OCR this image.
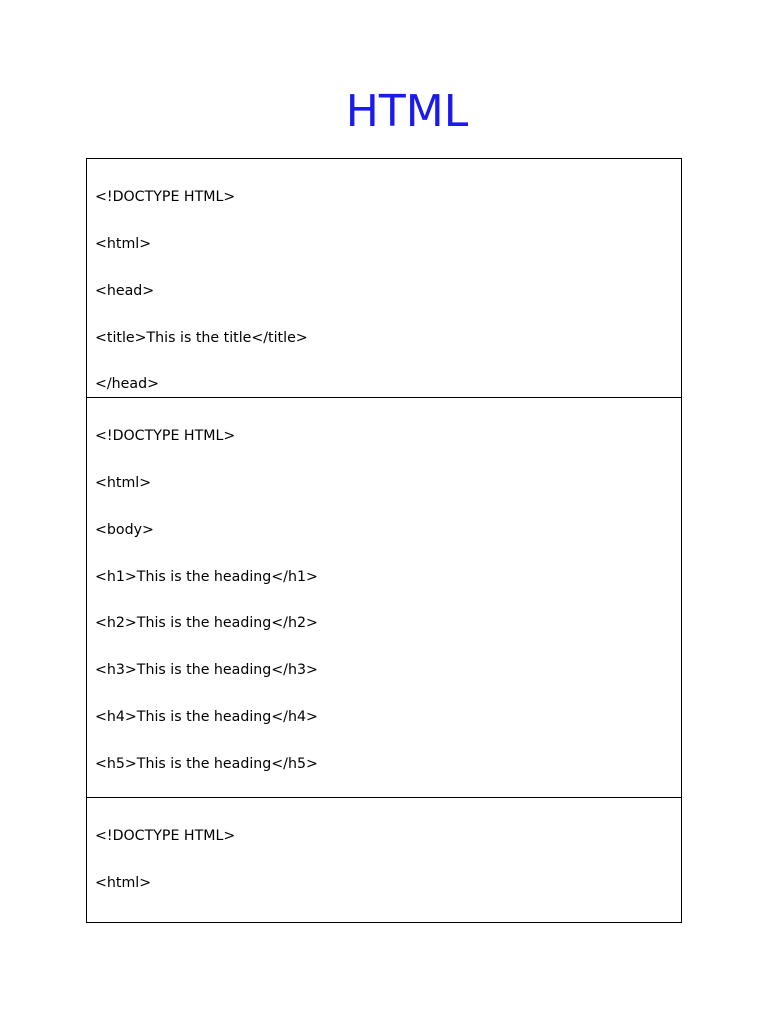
HTML

<!DOCTYPE HTML>

<html>

<head>

<title>This is the title</title>

</head>

<!DOCTYPE HTML>

<html>

<body>

<h1>This is the heading</h1>

<h2>This is the heading</h2>

<h3>This is the heading</h3>

<h4>This is the heading</h4>

<h5>This is the heading</h5>

<!DOCTYPE HTML>

<html>
